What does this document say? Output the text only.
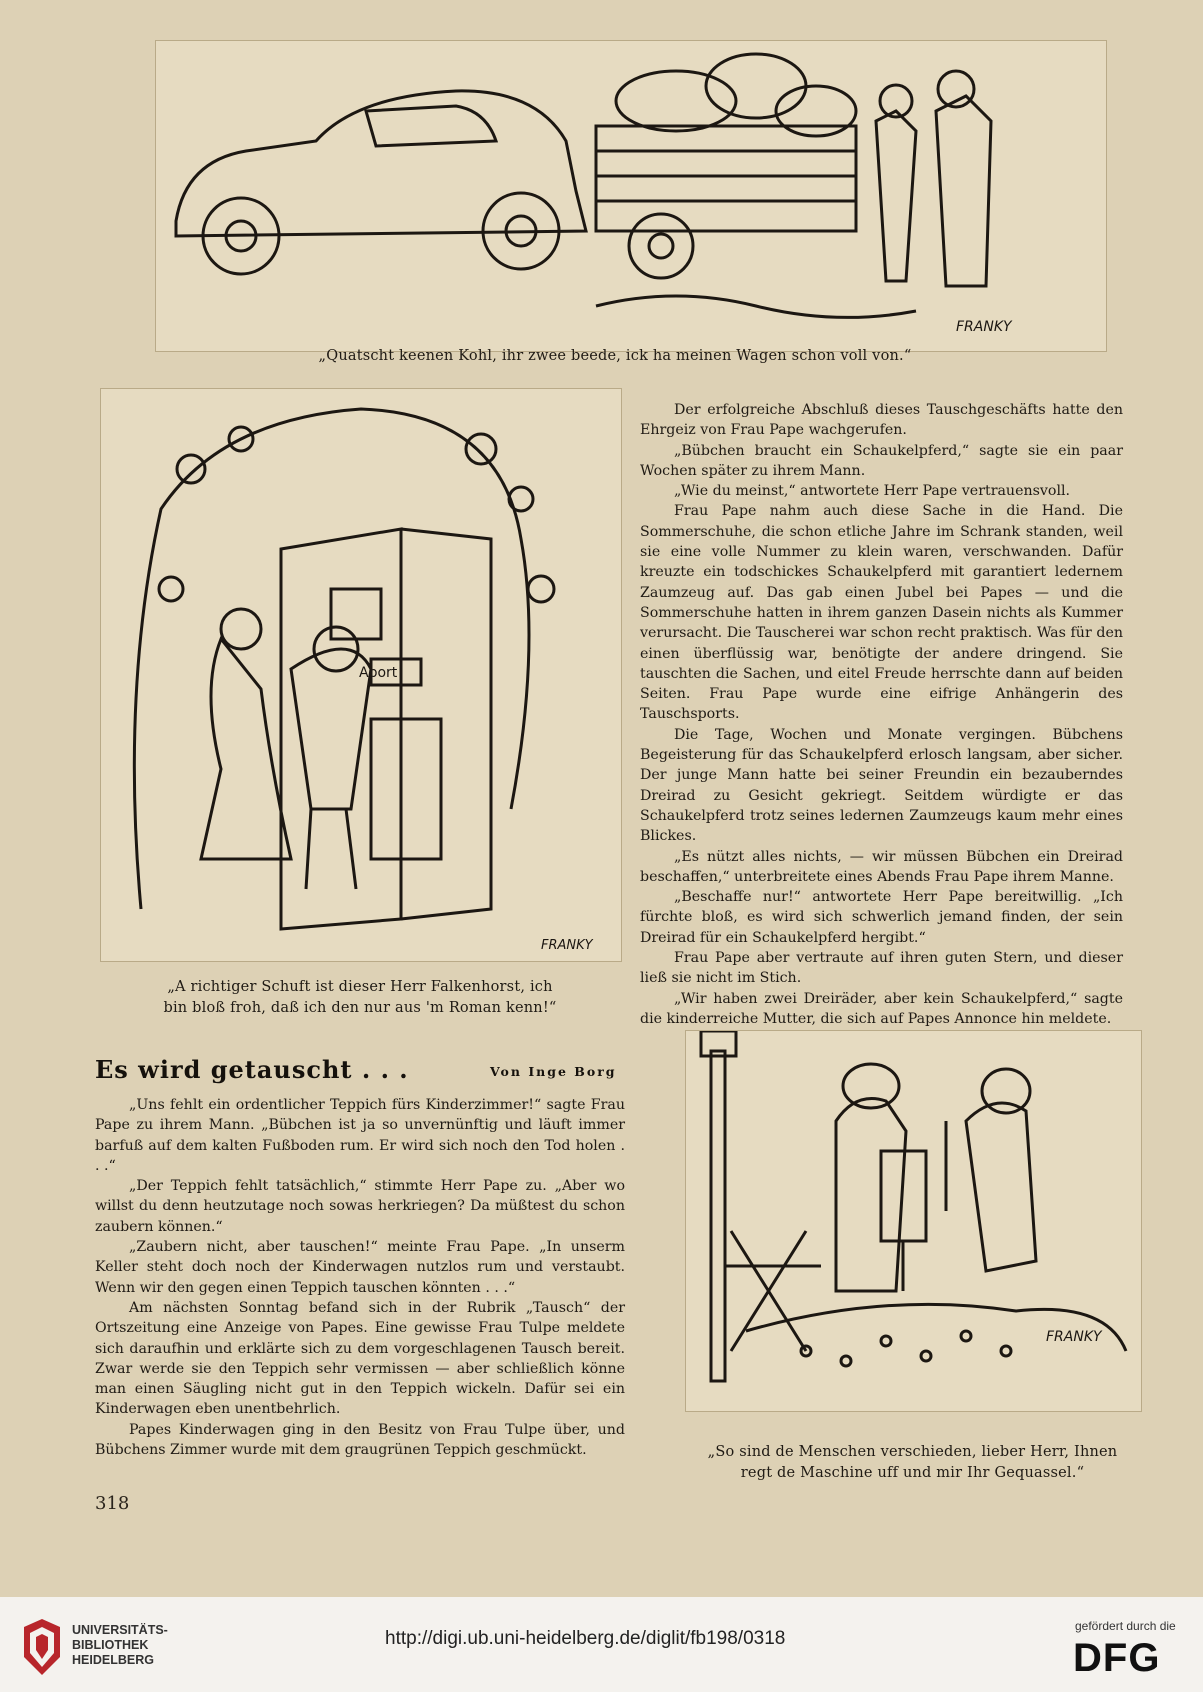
FRANKY
„Quatscht keenen Kohl, ihr zwee beede, ick ha meinen Wagen schon voll von.“
Abort
FRANKY
„A richtiger Schuft ist dieser Herr Falkenhorst, ich
bin bloß froh, daß ich den nur aus 'm Roman kenn!“

Der erfolgreiche Abschluß dieses Tauschgeschäfts hatte den Ehrgeiz von Frau Pape wachgerufen.

„Bübchen braucht ein Schaukelpferd,“ sagte sie ein paar Wochen später zu ihrem Mann.

„Wie du meinst,“ antwortete Herr Pape vertrauensvoll.

Frau Pape nahm auch diese Sache in die Hand. Die Sommerschuhe, die schon etliche Jahre im Schrank standen, weil sie eine volle Nummer zu klein waren, verschwanden. Dafür kreuzte ein todschickes Schaukelpferd mit garantiert ledernem Zaumzeug auf. Das gab einen Jubel bei Papes — und die Sommerschuhe hatten in ihrem ganzen Dasein nichts als Kummer verursacht. Die Tauscherei war schon recht praktisch. Was für den einen überflüssig war, benötigte der andere dringend. Sie tauschten die Sachen, und eitel Freude herrschte dann auf beiden Seiten. Frau Pape wurde eine eifrige Anhängerin des Tauschsports.

Die Tage, Wochen und Monate vergingen. Bübchens Begeisterung für das Schaukelpferd erlosch langsam, aber sicher. Der junge Mann hatte bei seiner Freundin ein bezauberndes Dreirad zu Gesicht gekriegt. Seitdem würdigte er das Schaukelpferd trotz seines ledernen Zaumzeugs kaum mehr eines Blickes.

„Es nützt alles nichts, — wir müssen Bübchen ein Dreirad beschaffen,“ unterbreitete eines Abends Frau Pape ihrem Manne.

„Beschaffe nur!“ antwortete Herr Pape bereitwillig. „Ich fürchte bloß, es wird sich schwerlich jemand finden, der sein Dreirad für ein Schaukelpferd hergibt.“

Frau Pape aber vertraute auf ihren guten Stern, und dieser ließ sie nicht im Stich.

„Wir haben zwei Dreiräder, aber kein Schaukelpferd,“ sagte die kinderreiche Mutter, die sich auf Papes Annonce hin meldete.

Es wird getauscht . . .	Von Inge Borg

„Uns fehlt ein ordentlicher Teppich fürs Kinderzimmer!“ sagte Frau Pape zu ihrem Mann. „Bübchen ist ja so unvernünftig und läuft immer barfuß auf dem kalten Fußboden rum. Er wird sich noch den Tod holen . . .“

„Der Teppich fehlt tatsächlich,“ stimmte Herr Pape zu. „Aber wo willst du denn heutzutage noch sowas herkriegen? Da müßtest du schon zaubern können.“

„Zaubern nicht, aber tauschen!“ meinte Frau Pape. „In unserm Keller steht doch noch der Kinderwagen nutzlos rum und verstaubt. Wenn wir den gegen einen Teppich tauschen könnten . . .“

Am nächsten Sonntag befand sich in der Rubrik „Tausch“ der Ortszeitung eine Anzeige von Papes. Eine gewisse Frau Tulpe meldete sich daraufhin und erklärte sich zu dem vorgeschlagenen Tausch bereit. Zwar werde sie den Teppich sehr vermissen — aber schließlich könne man einen Säugling nicht gut in den Teppich wickeln. Dafür sei ein Kinderwagen eben unentbehrlich.

Papes Kinderwagen ging in den Besitz von Frau Tulpe über, und Bübchens Zimmer wurde mit dem graugrünen Teppich geschmückt.

318
FRANKY
„So sind de Menschen verschieden, lieber Herr, Ihnen
regt de Maschine uff und mir Ihr Gequassel.“
UNIVERSITÄTS-
BIBLIOTHEK
HEIDELBERG
http://digi.ub.uni-heidelberg.de/diglit/fb198/0318
gefördert durch die
DFG
